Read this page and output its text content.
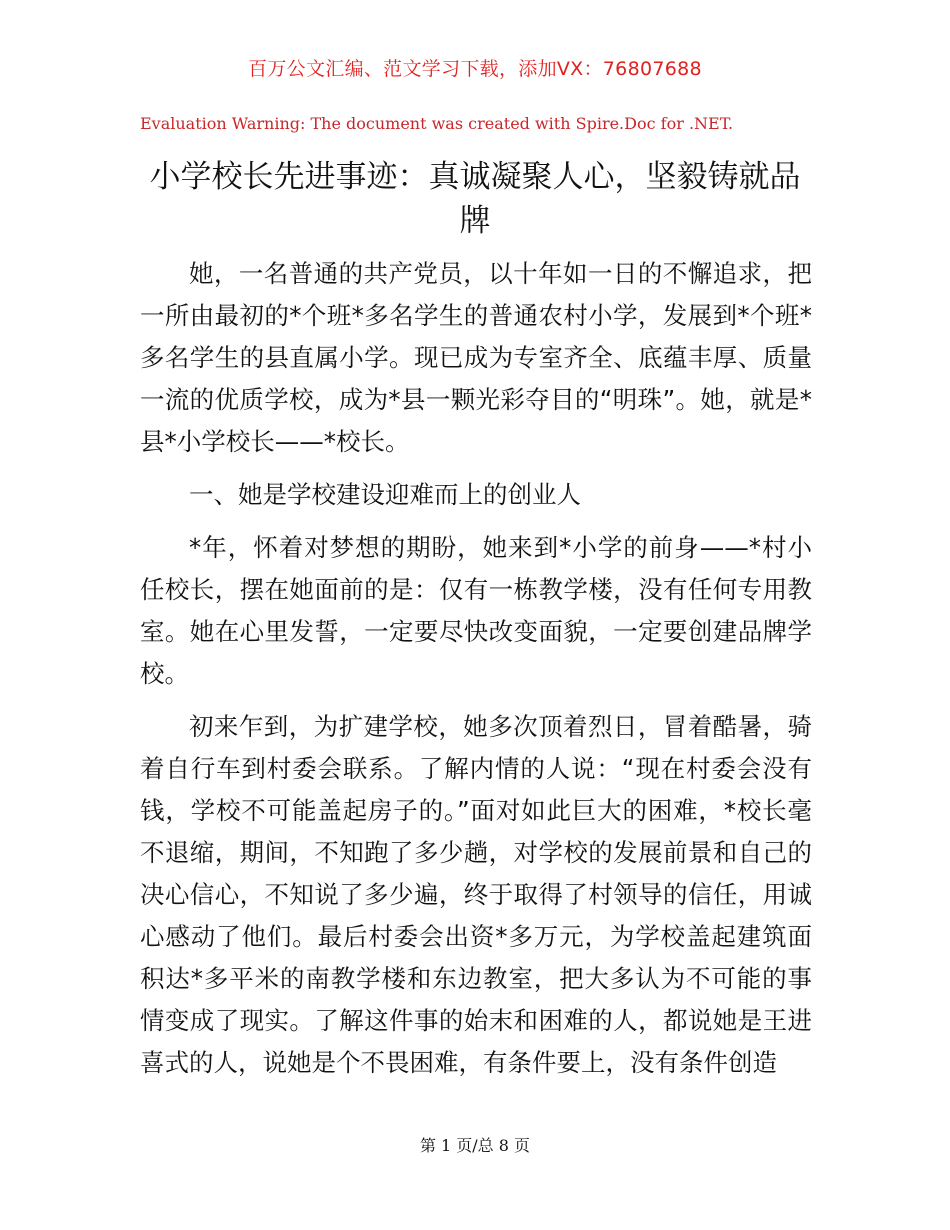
百万公文汇编、范文学习下载，添加VX：76807688
Evaluation Warning: The document was created with Spire.Doc for .NET.
小学校长先进事迹：真诚凝聚人心，坚毅铸就品牌

她，一名普通的共产党员，以十年如一日的不懈追求，把一所由最初的*个班*多名学生的普通农村小学，发展到*个班*多名学生的县直属小学。现已成为专室齐全、底蕴丰厚、质量一流的优质学校，成为*县一颗光彩夺目的“明珠”。她，就是*县*小学校长——*校长。

一、她是学校建设迎难而上的创业人

*年，怀着对梦想的期盼，她来到*小学的前身——*村小任校长，摆在她面前的是：仅有一栋教学楼，没有任何专用教室。她在心里发誓，一定要尽快改变面貌，一定要创建品牌学校。

初来乍到，为扩建学校，她多次顶着烈日，冒着酷暑，骑着自行车到村委会联系。了解内情的人说：“现在村委会没有钱，学校不可能盖起房子的。”面对如此巨大的困难，*校长毫不退缩，期间，不知跑了多少趟，对学校的发展前景和自己的决心信心，不知说了多少遍，终于取得了村领导的信任，用诚心感动了他们。最后村委会出资*多万元，为学校盖起建筑面积达*多平米的南教学楼和东边教室，把大多认为不可能的事情变成了现实。了解这件事的始末和困难的人，都说她是王进喜式的人，说她是个不畏困难，有条件要上，没有条件创造

第 1 页/总 8 页
